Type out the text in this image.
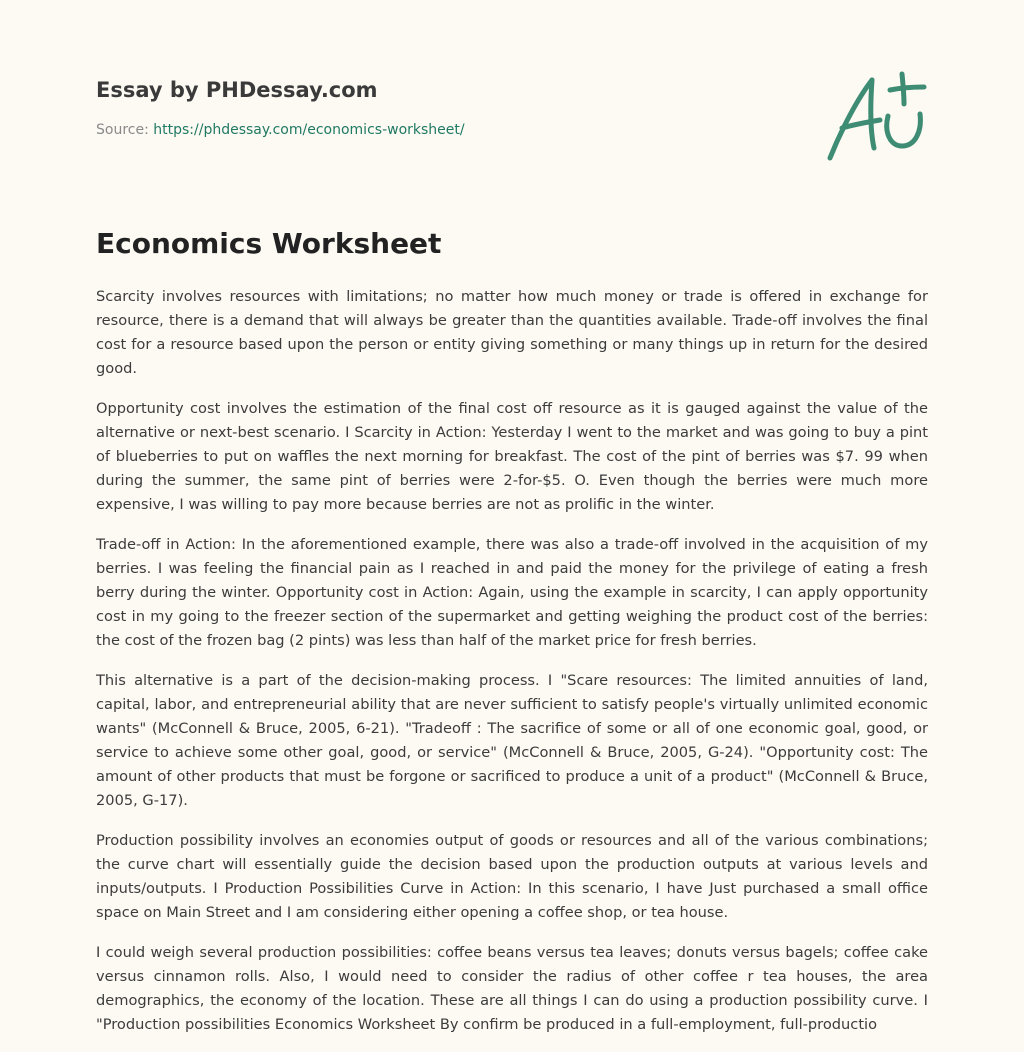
Essay by PHDessay.com
Source: https://phdessay.com/economics-worksheet/
Economics Worksheet

Scarcity involves resources with limitations; no matter how much money or trade is offered in exchange for resource, there is a demand that will always be greater than the quantities available. Trade-off involves the final cost for a resource based upon the person or entity giving something or many things up in return for the desired good.

Opportunity cost involves the estimation of the final cost off resource as it is gauged against the value of the alternative or next-best scenario. I Scarcity in Action: Yesterday I went to the market and was going to buy a pint of blueberries to put on waffles the next morning for breakfast. The cost of the pint of berries was $7. 99 when during the summer, the same pint of berries were 2-for-$5. O. Even though the berries were much more expensive, I was willing to pay more because berries are not as prolific in the winter.

Trade-off in Action: In the aforementioned example, there was also a trade-off involved in the acquisition of my berries. I was feeling the financial pain as I reached in and paid the money for the privilege of eating a fresh berry during the winter. Opportunity cost in Action: Again, using the example in scarcity, I can apply opportunity cost in my going to the freezer section of the supermarket and getting weighing the product cost of the berries: the cost of the frozen bag (2 pints) was less than half of the market price for fresh berries.

This alternative is a part of the decision-making process. I "Scare resources: The limited annuities of land, capital, labor, and entrepreneurial ability that are never sufficient to satisfy people's virtually unlimited economic wants" (McConnell & Bruce, 2005, 6-21). "Tradeoff : The sacrifice of some or all of one economic goal, good, or service to achieve some other goal, good, or service" (McConnell & Bruce, 2005, G-24). "Opportunity cost: The amount of other products that must be forgone or sacrificed to produce a unit of a product" (McConnell & Bruce, 2005, G-17).

Production possibility involves an economies output of goods or resources and all of the various combinations; the curve chart will essentially guide the decision based upon the production outputs at various levels and inputs/outputs. I Production Possibilities Curve in Action: In this scenario, I have Just purchased a small office space on Main Street and I am considering either opening a coffee shop, or tea house.

I could weigh several production possibilities: coffee beans versus tea leaves; donuts versus bagels; coffee cake versus cinnamon rolls. Also, I would need to consider the radius of other coffee r tea houses, the area demographics, the economy of the location. These are all things I can do using a production possibility curve. I "Production possibilities Economics Worksheet By confirm be produced in a full-employment, full-productio
